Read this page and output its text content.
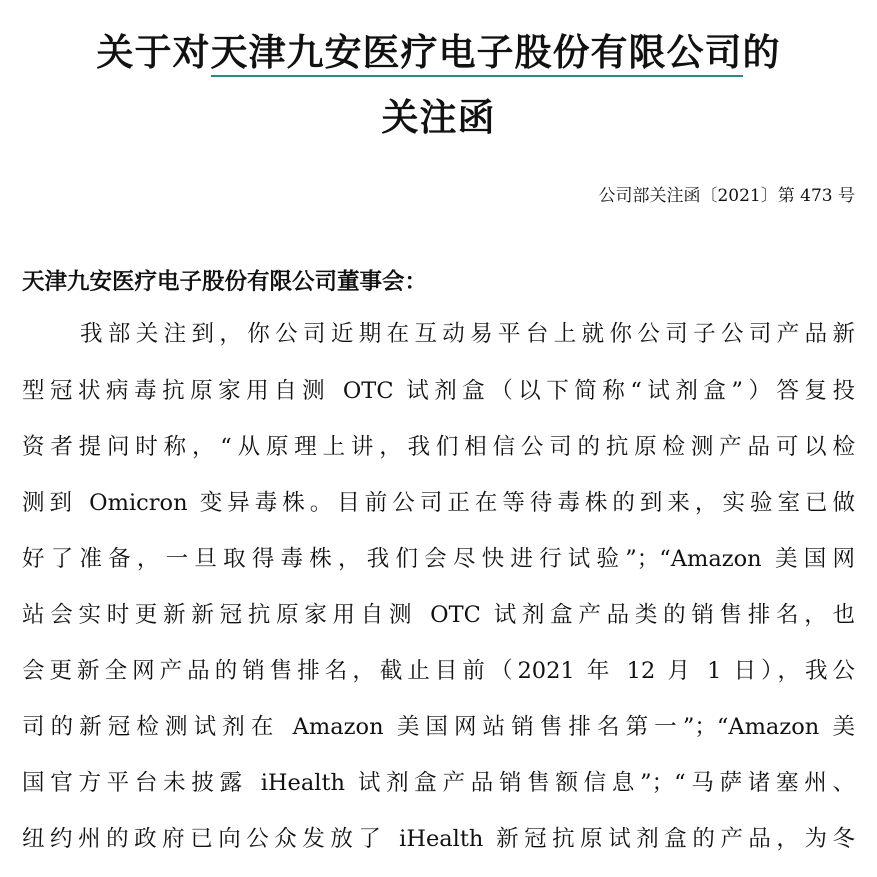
关于对天津九安医疗电子股份有限公司的
关注函
公司部关注函〔2021〕第 473 号
天津九安医疗电子股份有限公司董事会：
我部关注到，你公司近期在互动易平台上就你公司子公司产品新
型冠状病毒抗原家用自测 OTC 试剂盒（以下简称“试剂盒”）答复投
资者提问时称，“从原理上讲，我们相信公司的抗原检测产品可以检
测到 Omicron 变异毒株。目前公司正在等待毒株的到来，实验室已做
好了准备，一旦取得毒株，我们会尽快进行试验”；“Amazon 美国网
站会实时更新新冠抗原家用自测 OTC 试剂盒产品类的销售排名，也
会更新全网产品的销售排名，截止目前（2021 年 12 月 1 日），我公
司的新冠检测试剂在 Amazon 美国网站销售排名第一”；“Amazon 美
国官方平台未披露 iHealth 试剂盒产品销售额信息”；“马萨诸塞州、
纽约州的政府已向公众发放了 iHealth 新冠抗原试剂盒的产品，为冬
